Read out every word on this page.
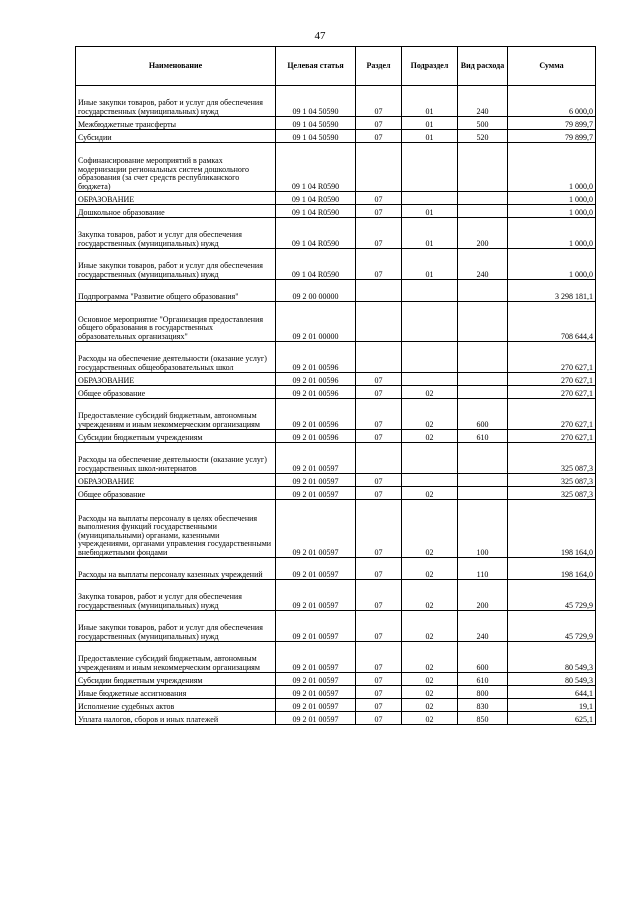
47
Наименование	Целевая статья	Раздел	Подраздел	Вид расхода	Сумма
Иные закупки товаров, работ и услуг для обеспечения государственных (муниципальных) нужд	09 1 04 50590	07	01	240	6 000,0
Межбюджетные трансферты	09 1 04 50590	07	01	500	79 899,7
Субсидии	09 1 04 50590	07	01	520	79 899,7
Софинансирование мероприятий в рамках модернизации региональных систем дошкольного образования (за счет средств республиканского бюджета)	09 1 04 R0590				1 000,0
ОБРАЗОВАНИЕ	09 1 04 R0590	07			1 000,0
Дошкольное образование	09 1 04 R0590	07	01		1 000,0
Закупка товаров, работ и услуг для обеспечения государственных (муниципальных) нужд	09 1 04 R0590	07	01	200	1 000,0
Иные закупки товаров, работ и услуг для обеспечения государственных (муниципальных) нужд	09 1 04 R0590	07	01	240	1 000,0
Подпрограмма "Развитие общего образования"	09 2 00 00000				3 298 181,1
Основное мероприятие "Организация предоставления общего образования в государственных образовательных организациях"	09 2 01 00000				708 644,4
Расходы на обеспечение деятельности (оказание услуг) государственных общеобразовательных школ	09 2 01 00596				270 627,1
ОБРАЗОВАНИЕ	09 2 01 00596	07			270 627,1
Общее образование	09 2 01 00596	07	02		270 627,1
Предоставление субсидий бюджетным, автономным учреждениям и иным некоммерческим организациям	09 2 01 00596	07	02	600	270 627,1
Субсидии бюджетным учреждениям	09 2 01 00596	07	02	610	270 627,1
Расходы на обеспечение деятельности (оказание услуг) государственных школ-интернатов	09 2 01 00597				325 087,3
ОБРАЗОВАНИЕ	09 2 01 00597	07			325 087,3
Общее образование	09 2 01 00597	07	02		325 087,3
Расходы на выплаты персоналу в целях обеспечения выполнения функций государственными (муниципальными) органами, казенными учреждениями, органами управления государственными внебюджетными фондами	09 2 01 00597	07	02	100	198 164,0
Расходы на выплаты персоналу казенных учреждений	09 2 01 00597	07	02	110	198 164,0
Закупка товаров, работ и услуг для обеспечения государственных (муниципальных) нужд	09 2 01 00597	07	02	200	45 729,9
Иные закупки товаров, работ и услуг для обеспечения государственных (муниципальных) нужд	09 2 01 00597	07	02	240	45 729,9
Предоставление субсидий бюджетным, автономным учреждениям и иным некоммерческим организациям	09 2 01 00597	07	02	600	80 549,3
Субсидии бюджетным учреждениям	09 2 01 00597	07	02	610	80 549,3
Иные бюджетные ассигнования	09 2 01 00597	07	02	800	644,1
Исполнение судебных актов	09 2 01 00597	07	02	830	19,1
Уплата налогов, сборов и иных платежей	09 2 01 00597	07	02	850	625,1
